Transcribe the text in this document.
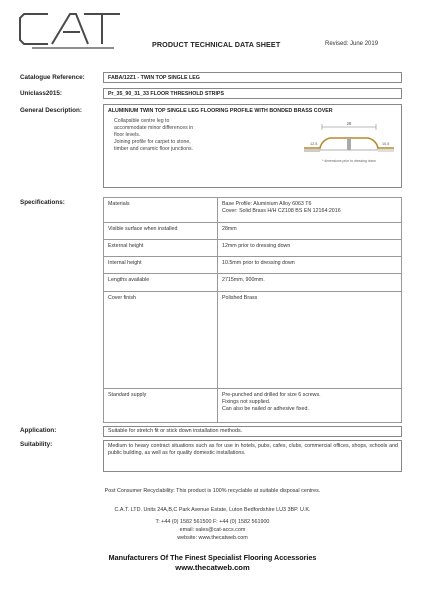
PRODUCT TECHNICAL DATA SHEET	Revised: June 2019
Catalogue Reference:	FABA/12Z1 - TWIN TOP SINGLE LEG
Uniclass2015:	Pr_35_90_31_33 FLOOR THRESHOLD STRIPS
General Description:	ALUMINIUM TWIN TOP SINGLE LEG FLOORING PROFILE WITH BONDED BRASS COVER
Collapsible centre leg to
accommodate minor differences in
floor levels.
Joining profile for carpet to stone,
timber and ceramic floor junctions.
28
12.5	10.5
* dimensions prior to dressing down
Specifications:	Materials	Base Profile: Aluminium Alloy 6063 T6
Cover: Solid Brass H/H CZ108 BS EN 12164:2016

Visible surface when installed	28mm

External height	12mm prior to dressing down

Internal height	10.5mm prior to dressing down

Lengths available	2715mm, 900mm.

Cover finish	Polished Brass

Standard supply	Pre-punched and drilled for size 6 screws.
Fixings not supplied.
Can also be nailed or adhesive fixed.
Application:	Suitable for stretch fit or stick down installation methods.
Suitability:	Medium to heavy contract situations such as for use in hotels, pubs, cafes, clubs, commercial offices, shops, schools and public building, as well as for quality domestic installations.
Post Consumer Recyclability: This product is 100% recyclable at suitable disposal centres.
C.A.T. LTD. Units 24A,B,C Park Avenue Estate, Luton Bedfordshire LU3 3BP. U.K.
T: +44 (0) 1582 561500 F: +44 (0) 1582 561900
email: sales@cat-accs.com
website: www.thecatweb.com
Manufacturers Of The Finest Specialist Flooring Accessories
www.thecatweb.com
